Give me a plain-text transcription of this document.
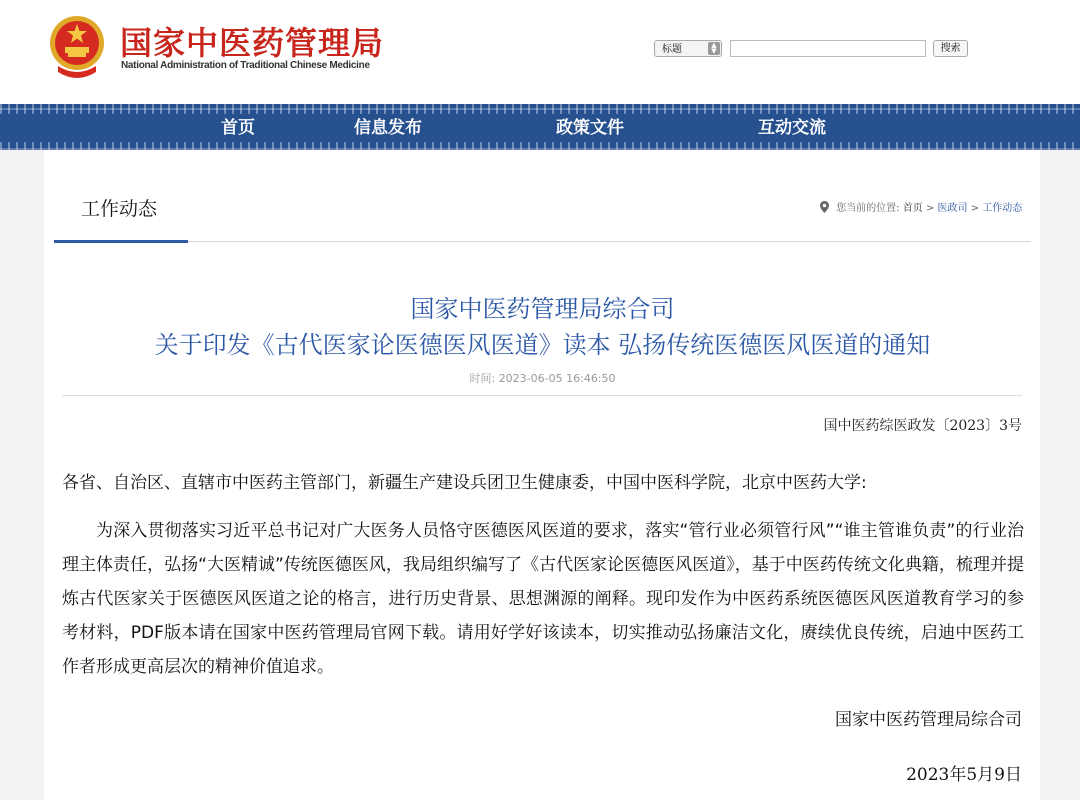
国家中医药管理局
National Administration of Traditional Chinese Medicine
标题	▲
▼	搜索
首页	信息发布	政策文件	互动交流
工作动态	您当前的位置: 首页 > 医政司 > 工作动态
国家中医药管理局综合司
关于印发《古代医家论医德医风医道》读本 弘扬传统医德医风医道的通知
时间: 2023-06-05 16:46:50
国中医药综医政发〔2023〕3号
各省、自治区、直辖市中医药主管部门，新疆生产建设兵团卫生健康委，中国中医科学院，北京中医药大学:
为深入贯彻落实习近平总书记对广大医务人员恪守医德医风医道的要求，落实“管行业必须管行风”“谁主管谁负责”的行业治理主体责任，弘扬“大医精诚”传统医德医风，我局组织编写了《古代医家论医德医风医道》，基于中医药传统文化典籍，梳理并提炼古代医家关于医德医风医道之论的格言，进行历史背景、思想渊源的阐释。现印发作为中医药系统医德医风医道教育学习的参考材料，PDF版本请在国家中医药管理局官网下载。请用好学好该读本，切实推动弘扬廉洁文化，赓续优良传统，启迪中医药工作者形成更高层次的精神价值追求。
国家中医药管理局综合司
2023年5月9日
